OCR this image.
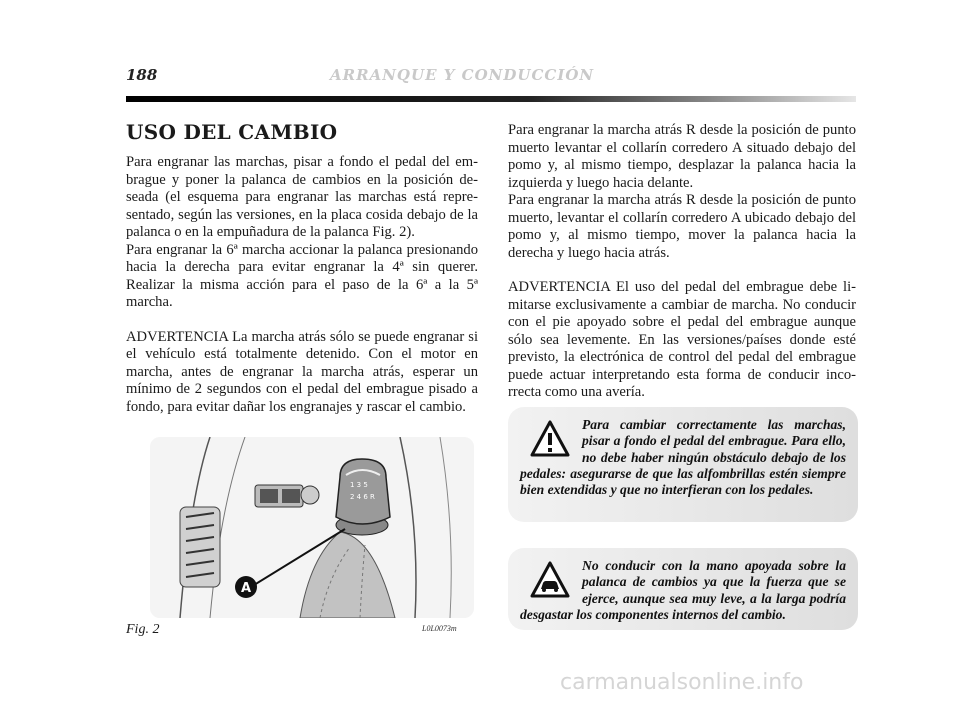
188	ARRANQUE Y CONDUCCIÓN
USO DEL CAMBIO

Para engranar las marchas, pisar a fondo el pedal del embrague y poner la palanca de cambios en la posición deseada (el esquema para engranar las marchas está representado, según las versiones, en la placa cosida debajo de la palanca o en la empuñadura de la palanca Fig. 2).

Para engranar la 6ª marcha accionar la palanca presionando hacia la derecha para evitar engranar la 4ª sin querer. Realizar la misma acción para el paso de la 6ª a la 5ª marcha.

ADVERTENCIA La marcha atrás sólo se puede engranar si el vehículo está totalmente detenido. Con el motor en marcha, antes de engranar la marcha atrás, esperar un mínimo de 2 segundos con el pedal del embrague pisado a fondo, para evitar dañar los engranajes y rascar el cambio.

1 3 5
2 4 6 R
A
Fig. 2	L0L0073m

Para engranar la marcha atrás R desde la posición de punto muerto levantar el collarín corredero A situado debajo del pomo y, al mismo tiempo, desplazar la palanca hacia la izquierda y luego hacia delante.

Para engranar la marcha atrás R desde la posición de punto muerto, levantar el collarín corredero A ubicado debajo del pomo y, al mismo tiempo, mover la palanca hacia la derecha y luego hacia atrás.

ADVERTENCIA El uso del pedal del embrague debe limitarse exclusivamente a cambiar de marcha. No conducir con el pie apoyado sobre el pedal del embrague aunque sólo sea levemente. En las versiones/países donde esté previsto, la electrónica de control del pedal del embrague puede actuar interpretando esta forma de conducir incorrecta como una avería.

Para cambiar correctamente las marchas, pisar a fondo el pedal del embrague. Para ello, no debe haber ningún obstáculo debajo de los pedales: asegurarse de que las alfombrillas estén siempre bien extendidas y que no interfieran con los pedales.
No conducir con la mano apoyada sobre la palanca de cambios ya que la fuerza que se ejerce, aunque sea muy leve, a la larga podría desgastar los componentes internos del cambio.
carmanualsonline.info
